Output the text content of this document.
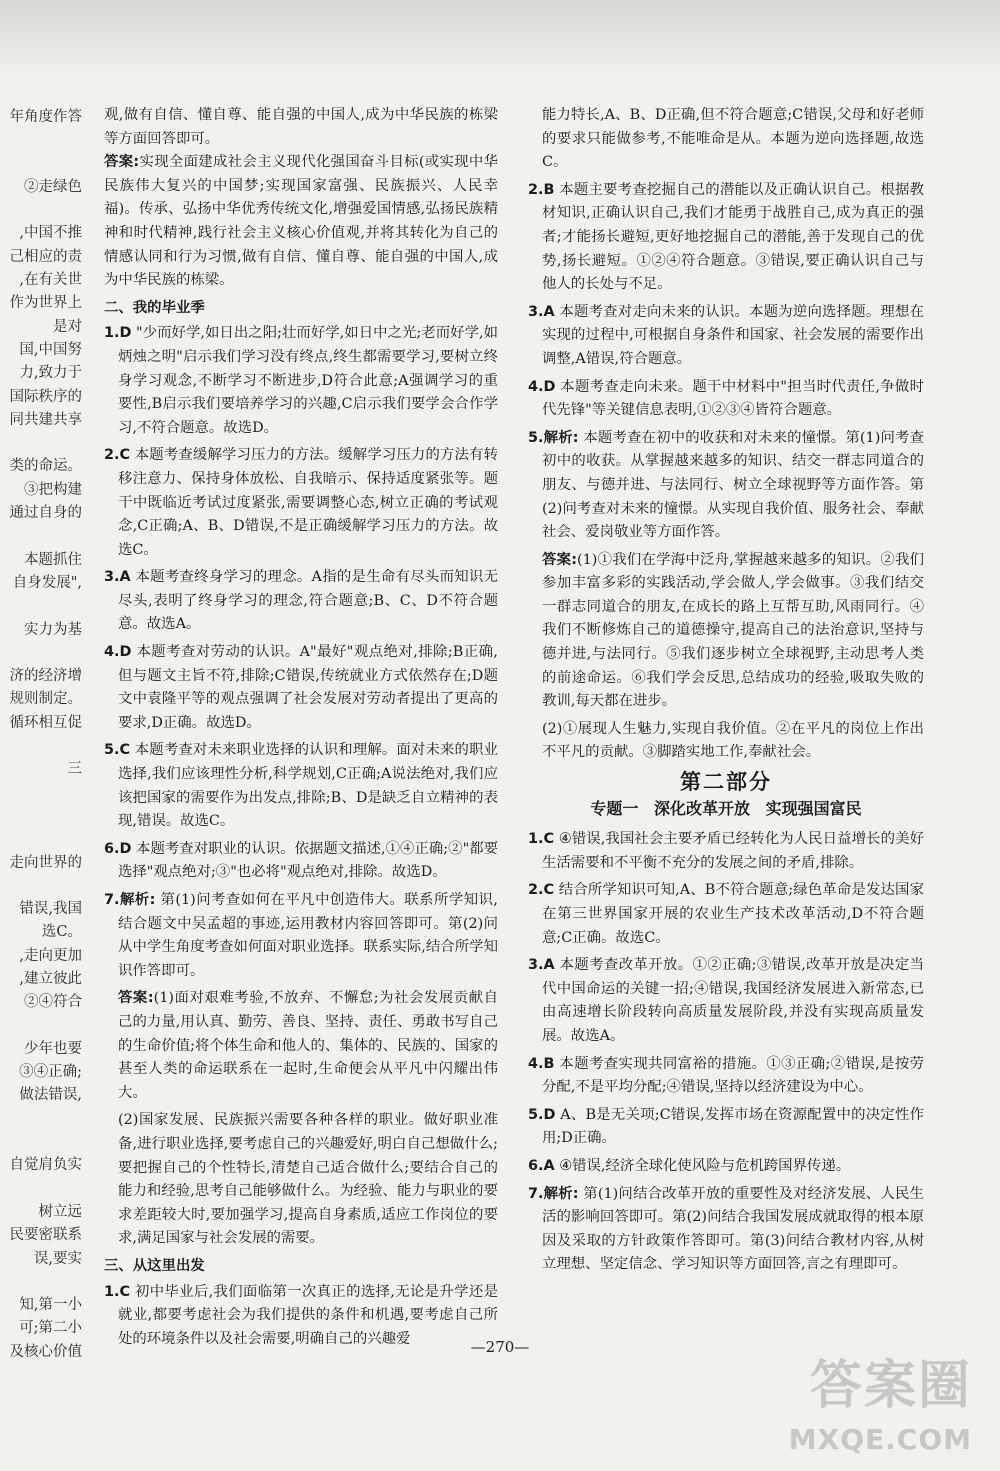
年角度作答
②走绿色
,中国不推
己相应的责
,在有关世
作为世界上
是对
国,中国努
力,致力于
国际秩序的
同共建共享
类的命运。
③把构建
通过自身的
本题抓住
自身发展",
实力为基
济的经济增
规则制定。
循环相互促
三
走向世界的
错误,我国
选C。
,走向更加
,建立彼此
②④符合
少年也要
③④正确;
做法错误,
自觉肩负实
树立远
民要密联系
误,要实
知,第一小
可;第二小
及核心价值

观,做有自信、懂自尊、能自强的中国人,成为中华民族的栋梁等方面回答即可。

答案:实现全面建成社会主义现代化强国奋斗目标(或实现中华民族伟大复兴的中国梦;实现国家富强、民族振兴、人民幸福)。传承、弘扬中华优秀传统文化,增强爱国情感,弘扬民族精神和时代精神,践行社会主义核心价值观,并将其转化为自己的情感认同和行为习惯,做有自信、懂自尊、能自强的中国人,成为中华民族的栋梁。

二、我的毕业季

1.D "少而好学,如日出之阳;壮而好学,如日中之光;老而好学,如炳烛之明"启示我们学习没有终点,终生都需要学习,要树立终身学习观念,不断学习不断进步,D符合此意;A强调学习的重要性,B启示我们要培养学习的兴趣,C启示我们要学会合作学习,不符合题意。故选D。

2.C 本题考查缓解学习压力的方法。缓解学习压力的方法有转移注意力、保持身体放松、自我暗示、保持适度紧张等。题干中既临近考试过度紧张,需要调整心态,树立正确的考试观念,C正确;A、B、D错误,不是正确缓解学习压力的方法。故选C。

3.A 本题考查终身学习的理念。A指的是生命有尽头而知识无尽头,表明了终身学习的理念,符合题意;B、C、D不符合题意。故选A。

4.D 本题考查对劳动的认识。A"最好"观点绝对,排除;B正确,但与题文主旨不符,排除;C错误,传统就业方式依然存在;D题文中袁隆平等的观点强调了社会发展对劳动者提出了更高的要求,D正确。故选D。

5.C 本题考查对未来职业选择的认识和理解。面对未来的职业选择,我们应该理性分析,科学规划,C正确;A说法绝对,我们应该把国家的需要作为出发点,排除;B、D是缺乏自立精神的表现,错误。故选C。

6.D 本题考查对职业的认识。依据题文描述,①④正确;②"都要选择"观点绝对;③"也必将"观点绝对,排除。故选D。

7.解析: 第(1)问考查如何在平凡中创造伟大。联系所学知识,结合题文中吴孟超的事迹,运用教材内容回答即可。第(2)问从中学生角度考查如何面对职业选择。联系实际,结合所学知识作答即可。

答案:(1)面对艰难考验,不放弃、不懈怠;为社会发展贡献自己的力量,用认真、勤劳、善良、坚持、责任、勇敢书写自己的生命价值;将个体生命和他人的、集体的、民族的、国家的甚至人类的命运联系在一起时,生命便会从平凡中闪耀出伟大。

(2)国家发展、民族振兴需要各种各样的职业。做好职业准备,进行职业选择,要考虑自己的兴趣爱好,明白自己想做什么;要把握自己的个性特长,清楚自己适合做什么;要结合自己的能力和经验,思考自己能够做什么。为经验、能力与职业的要求差距较大时,要加强学习,提高自身素质,适应工作岗位的要求,满足国家与社会发展的需要。

三、从这里出发

1.C 初中毕业后,我们面临第一次真正的选择,无论是升学还是就业,都要考虑社会为我们提供的条件和机遇,要考虑自己所处的环境条件以及社会需要,明确自己的兴趣爱

能力特长,A、B、D正确,但不符合题意;C错误,父母和好老师的要求只能做参考,不能唯命是从。本题为逆向选择题,故选C。

2.B 本题主要考查挖掘自己的潜能以及正确认识自己。根据教材知识,正确认识自己,我们才能勇于战胜自己,成为真正的强者;才能扬长避短,更好地挖掘自己的潜能,善于发现自己的优势,扬长避短。①②④符合题意。③错误,要正确认识自己与他人的长处与不足。

3.A 本题考查对走向未来的认识。本题为逆向选择题。理想在实现的过程中,可根据自身条件和国家、社会发展的需要作出调整,A错误,符合题意。

4.D 本题考查走向未来。题干中材料中"担当时代责任,争做时代先锋"等关键信息表明,①②③④皆符合题意。

5.解析: 本题考查在初中的收获和对未来的憧憬。第(1)问考查初中的收获。从掌握越来越多的知识、结交一群志同道合的朋友、与德并进、与法同行、树立全球视野等方面作答。第(2)问考查对未来的憧憬。从实现自我价值、服务社会、奉献社会、爱岗敬业等方面作答。

答案:(1)①我们在学海中泛舟,掌握越来越多的知识。②我们参加丰富多彩的实践活动,学会做人,学会做事。③我们结交一群志同道合的朋友,在成长的路上互帮互助,风雨同行。④我们不断修炼自己的道德操守,提高自己的法治意识,坚持与德并进,与法同行。⑤我们逐步树立全球视野,主动思考人类的前途命运。⑥我们学会反思,总结成功的经验,吸取失败的教训,每天都在进步。

(2)①展现人生魅力,实现自我价值。②在平凡的岗位上作出不平凡的贡献。③脚踏实地工作,奉献社会。

第二部分
专题一 深化改革开放 实现强国富民

1.C ④错误,我国社会主要矛盾已经转化为人民日益增长的美好生活需要和不平衡不充分的发展之间的矛盾,排除。

2.C 结合所学知识可知,A、B不符合题意;绿色革命是发达国家在第三世界国家开展的农业生产技术改革活动,D不符合题意;C正确。故选C。

3.A 本题考查改革开放。①②正确;③错误,改革开放是决定当代中国命运的关键一招;④错误,我国经济发展进入新常态,已由高速增长阶段转向高质量发展阶段,并没有实现高质量发展。故选A。

4.B 本题考查实现共同富裕的措施。①③正确;②错误,是按劳分配,不是平均分配;④错误,坚持以经济建设为中心。

5.D A、B是无关项;C错误,发挥市场在资源配置中的决定性作用;D正确。

6.A ④错误,经济全球化使风险与危机跨国界传递。

7.解析: 第(1)问结合改革开放的重要性及对经济发展、人民生活的影响回答即可。第(2)问结合我国发展成就取得的根本原因及采取的方针政策作答即可。第(3)问结合教材内容,从树立理想、坚定信念、学习知识等方面回答,言之有理即可。

—270—
答案圈
MXQE.COM
